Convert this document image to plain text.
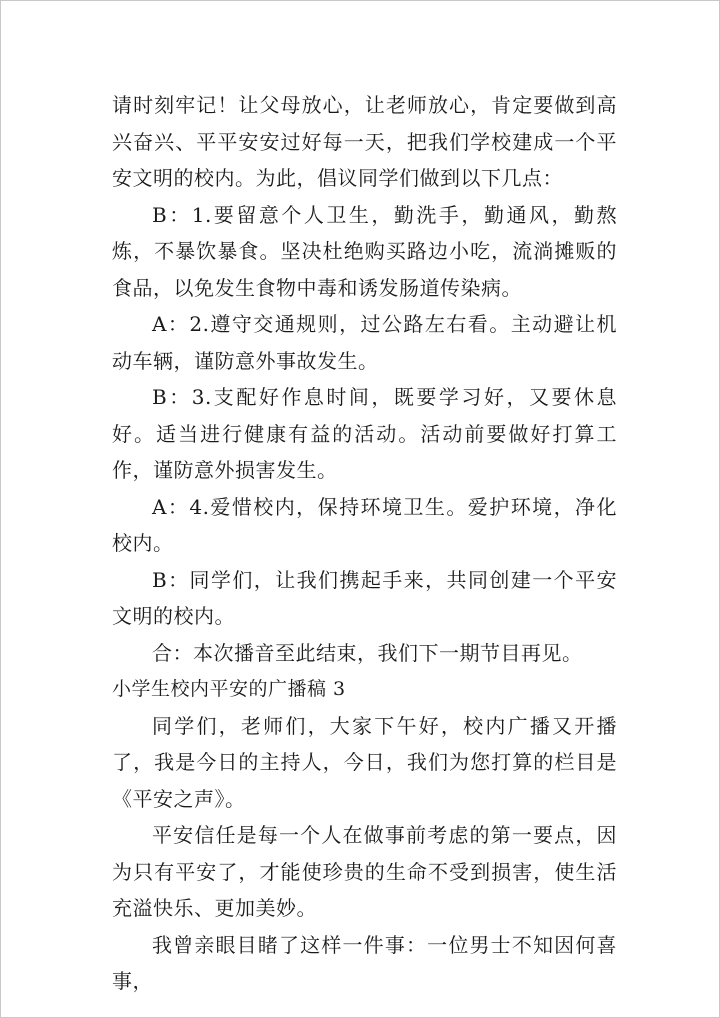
请时刻牢记！让父母放心，让老师放心，肯定要做到高兴奋兴、平平安安过好每一天，把我们学校建成一个平安文明的校内。为此，倡议同学们做到以下几点：

B：1.要留意个人卫生，勤洗手，勤通风，勤熬炼，不暴饮暴食。坚决杜绝购买路边小吃，流淌摊贩的食品，以免发生食物中毒和诱发肠道传染病。

A：2.遵守交通规则，过公路左右看。主动避让机动车辆，谨防意外事故发生。

B：3.支配好作息时间，既要学习好，又要休息好。适当进行健康有益的活动。活动前要做好打算工作，谨防意外损害发生。

A：4.爱惜校内，保持环境卫生。爱护环境，净化校内。

B：同学们，让我们携起手来，共同创建一个平安文明的校内。

合：本次播音至此结束，我们下一期节目再见。

小学生校内平安的广播稿 3

同学们，老师们，大家下午好，校内广播又开播了，我是今日的主持人，今日，我们为您打算的栏目是《平安之声》。

平安信任是每一个人在做事前考虑的第一要点，因为只有平安了，才能使珍贵的生命不受到损害，使生活充溢快乐、更加美妙。

我曾亲眼目睹了这样一件事：一位男士不知因何喜事，
